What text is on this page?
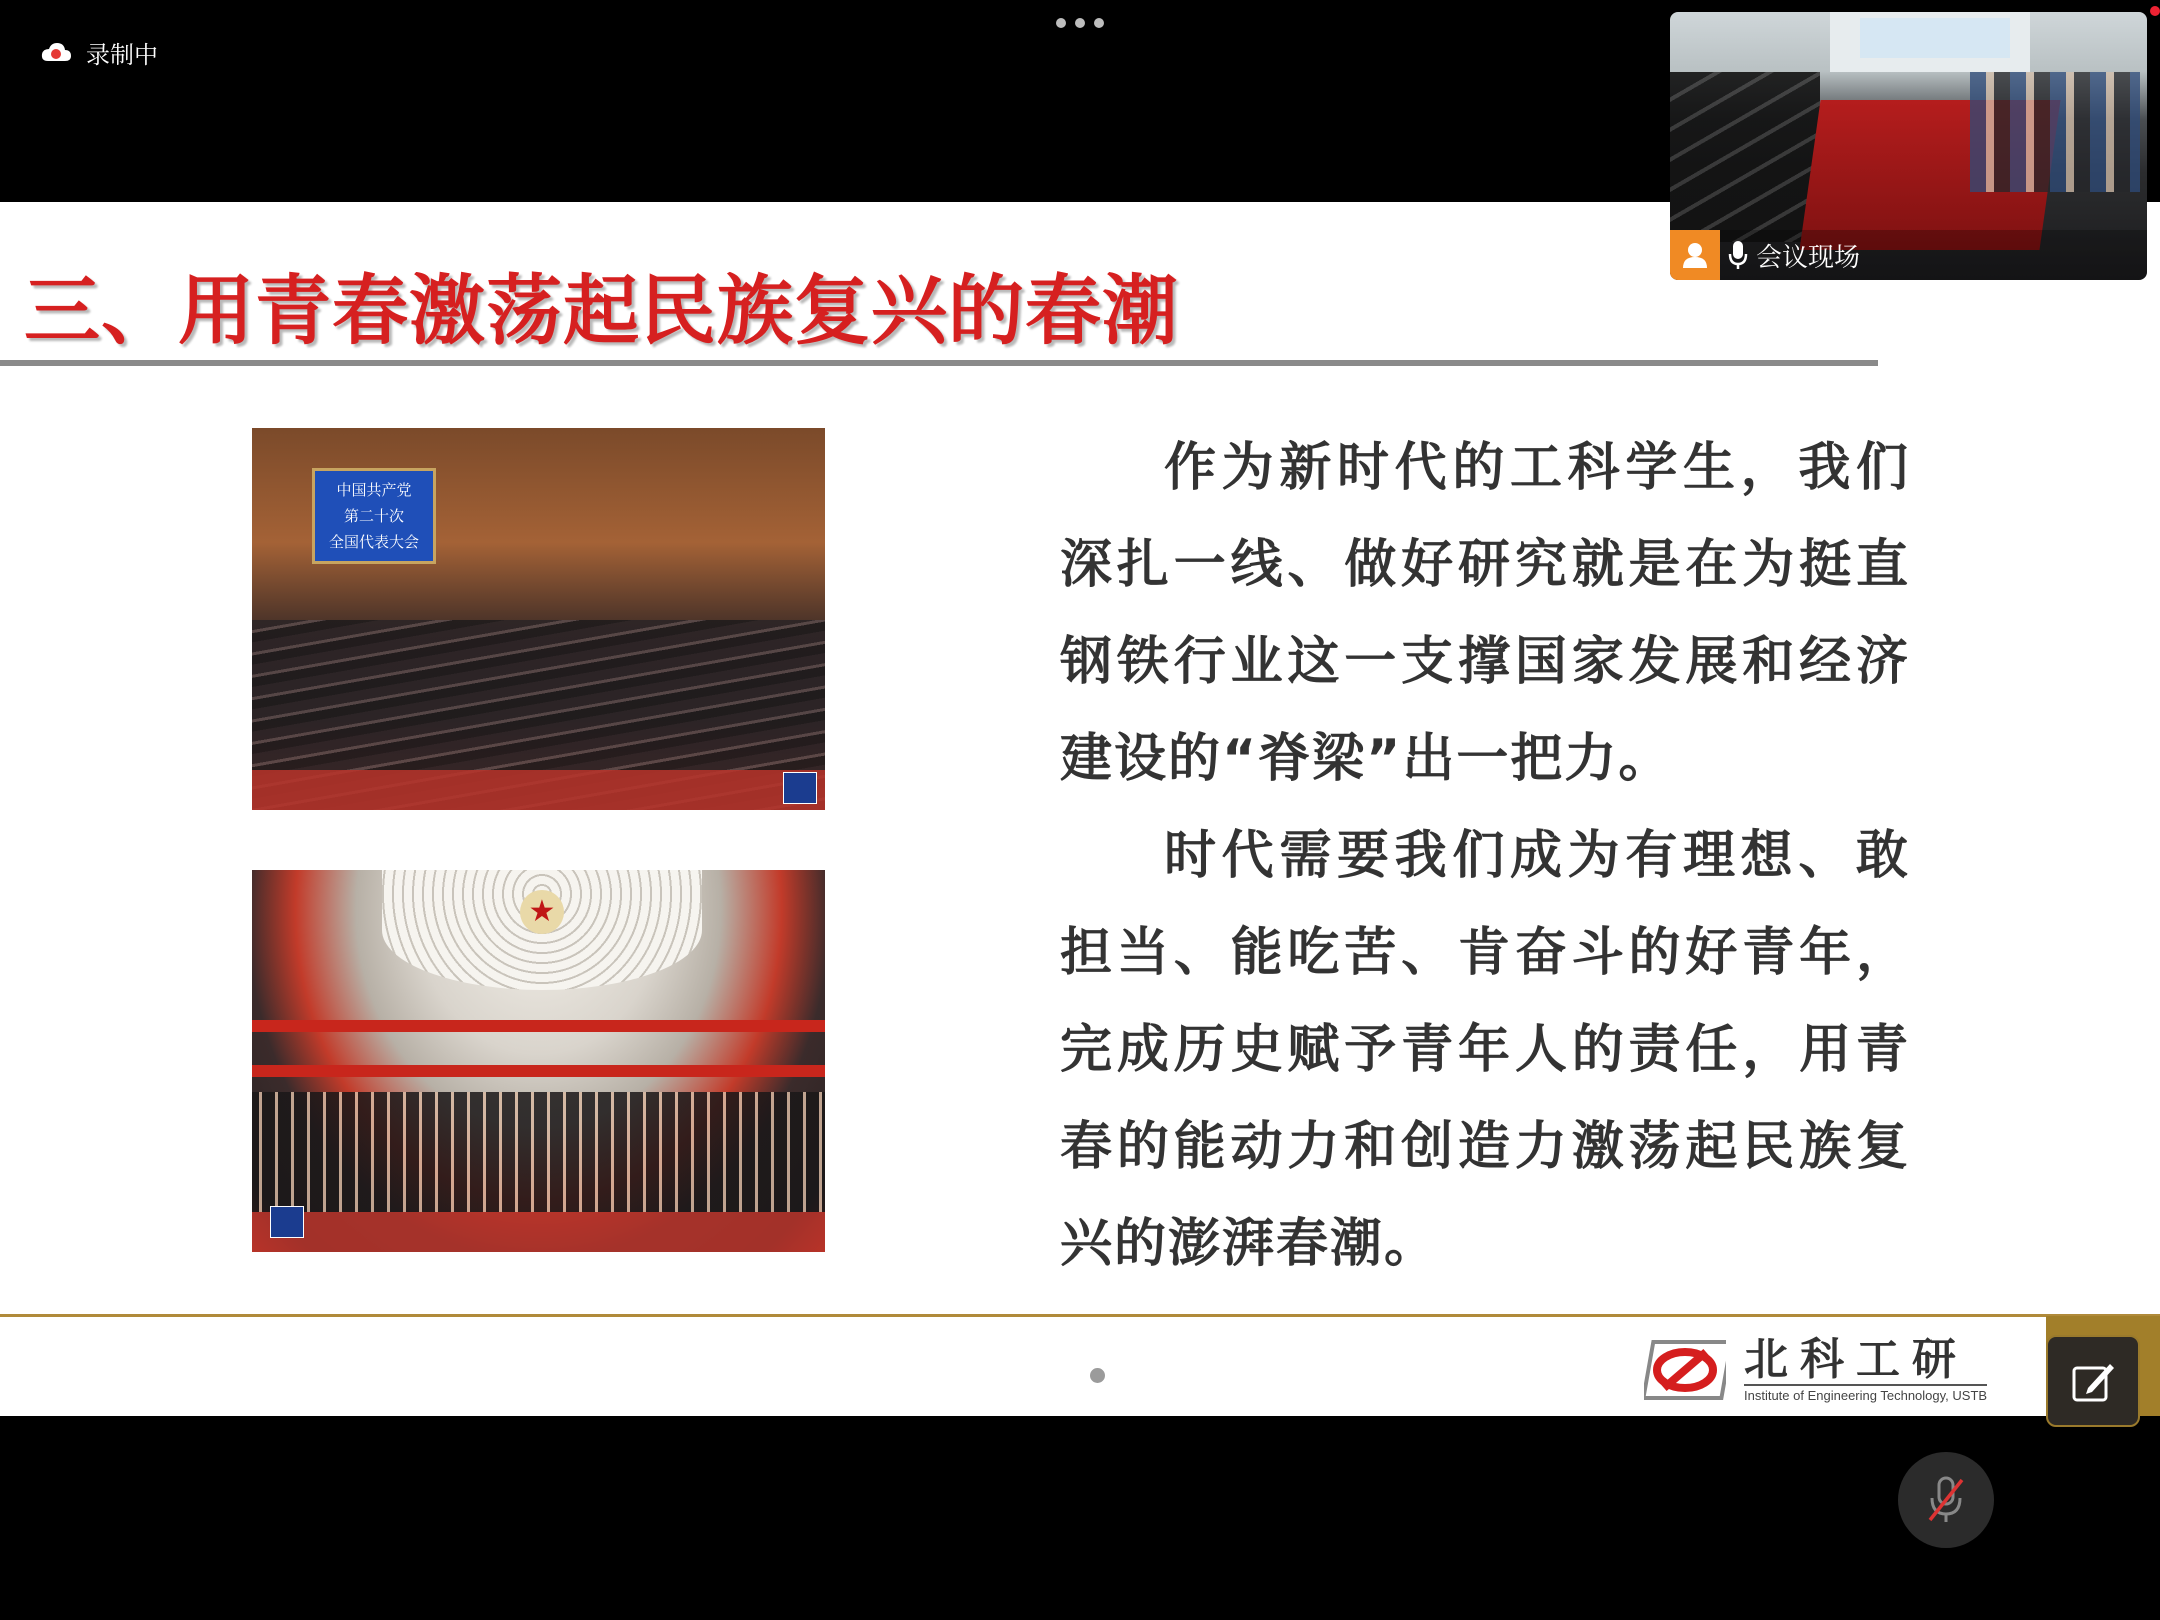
录制中
三、用青春激荡起民族复兴的春潮
中国共产党
第二十次
全国代表大会
★

作为新时代的工科学生，我们深扎一线、做好研究就是在为挺直钢铁行业这一支撑国家发展和经济建设的“脊梁”出一把力。

时代需要我们成为有理想、敢担当、能吃苦、肯奋斗的好青年，完成历史赋予青年人的责任，用青春的能动力和创造力激荡起民族复兴的澎湃春潮。

北科工研
Institute of Engineering Technology, USTB
会议现场
